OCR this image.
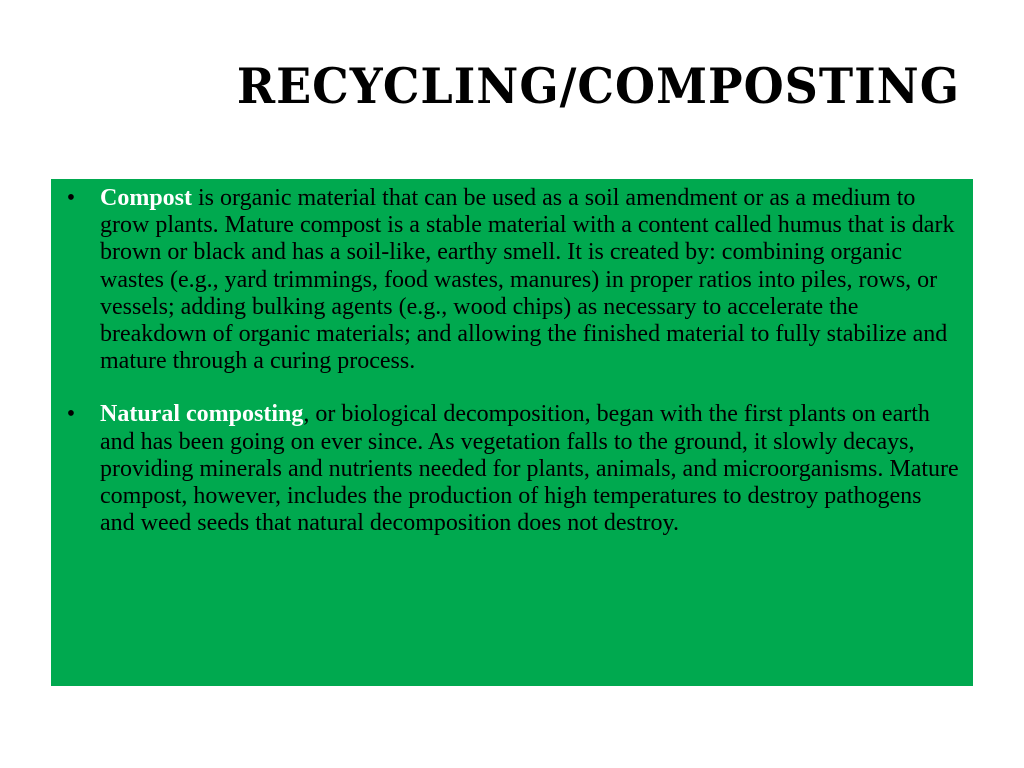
RECYCLING/COMPOSTING
• Compost is organic material that can be used as a soil amendment or as a medium to grow plants. Mature compost is a stable material with a content called humus that is dark brown or black and has a soil-like, earthy smell. It is created by: combining organic wastes (e.g., yard trimmings, food wastes, manures) in proper ratios into piles, rows, or vessels; adding bulking agents (e.g., wood chips) as necessary to accelerate the breakdown of organic materials; and allowing the finished material to fully stabilize and mature through a curing process.
• Natural composting, or biological decomposition, began with the first plants on earth and has been going on ever since. As vegetation falls to the ground, it slowly decays, providing minerals and nutrients needed for plants, animals, and microorganisms. Mature compost, however, includes the production of high temperatures to destroy pathogens and weed seeds that natural decomposition does not destroy.
